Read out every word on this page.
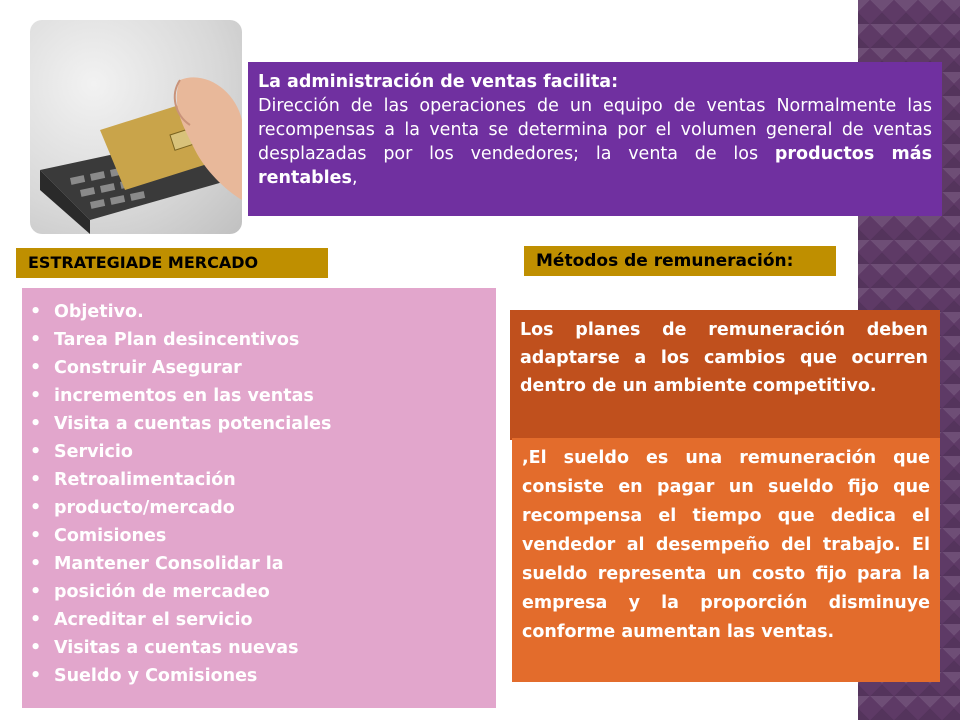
La administración de ventas facilita:
Dirección de las operaciones de un equipo de ventas Normalmente las recompensas a la venta se determina por el volumen general de ventas desplazadas por los vendedores; la venta de los productos más rentables,
ESTRATEGIADE MERCADO	Métodos de remuneración:
• Objetivo.
• Tarea Plan desincentivos
• Construir Asegurar
• incrementos en las ventas
• Visita a cuentas potenciales
• Servicio
• Retroalimentación
• producto/mercado
• Comisiones
• Mantener Consolidar la
• posición de mercadeo
• Acreditar el servicio
• Visitas a cuentas nuevas
• Sueldo y Comisiones
Los planes de remuneración deben adaptarse a los cambios que ocurren dentro de un ambiente competitivo.
,El sueldo es una remuneración que consiste en pagar un sueldo fijo que recompensa el tiempo que dedica el vendedor al desempeño del trabajo. El sueldo representa un costo fijo para la empresa y la proporción disminuye conforme aumentan las ventas.
